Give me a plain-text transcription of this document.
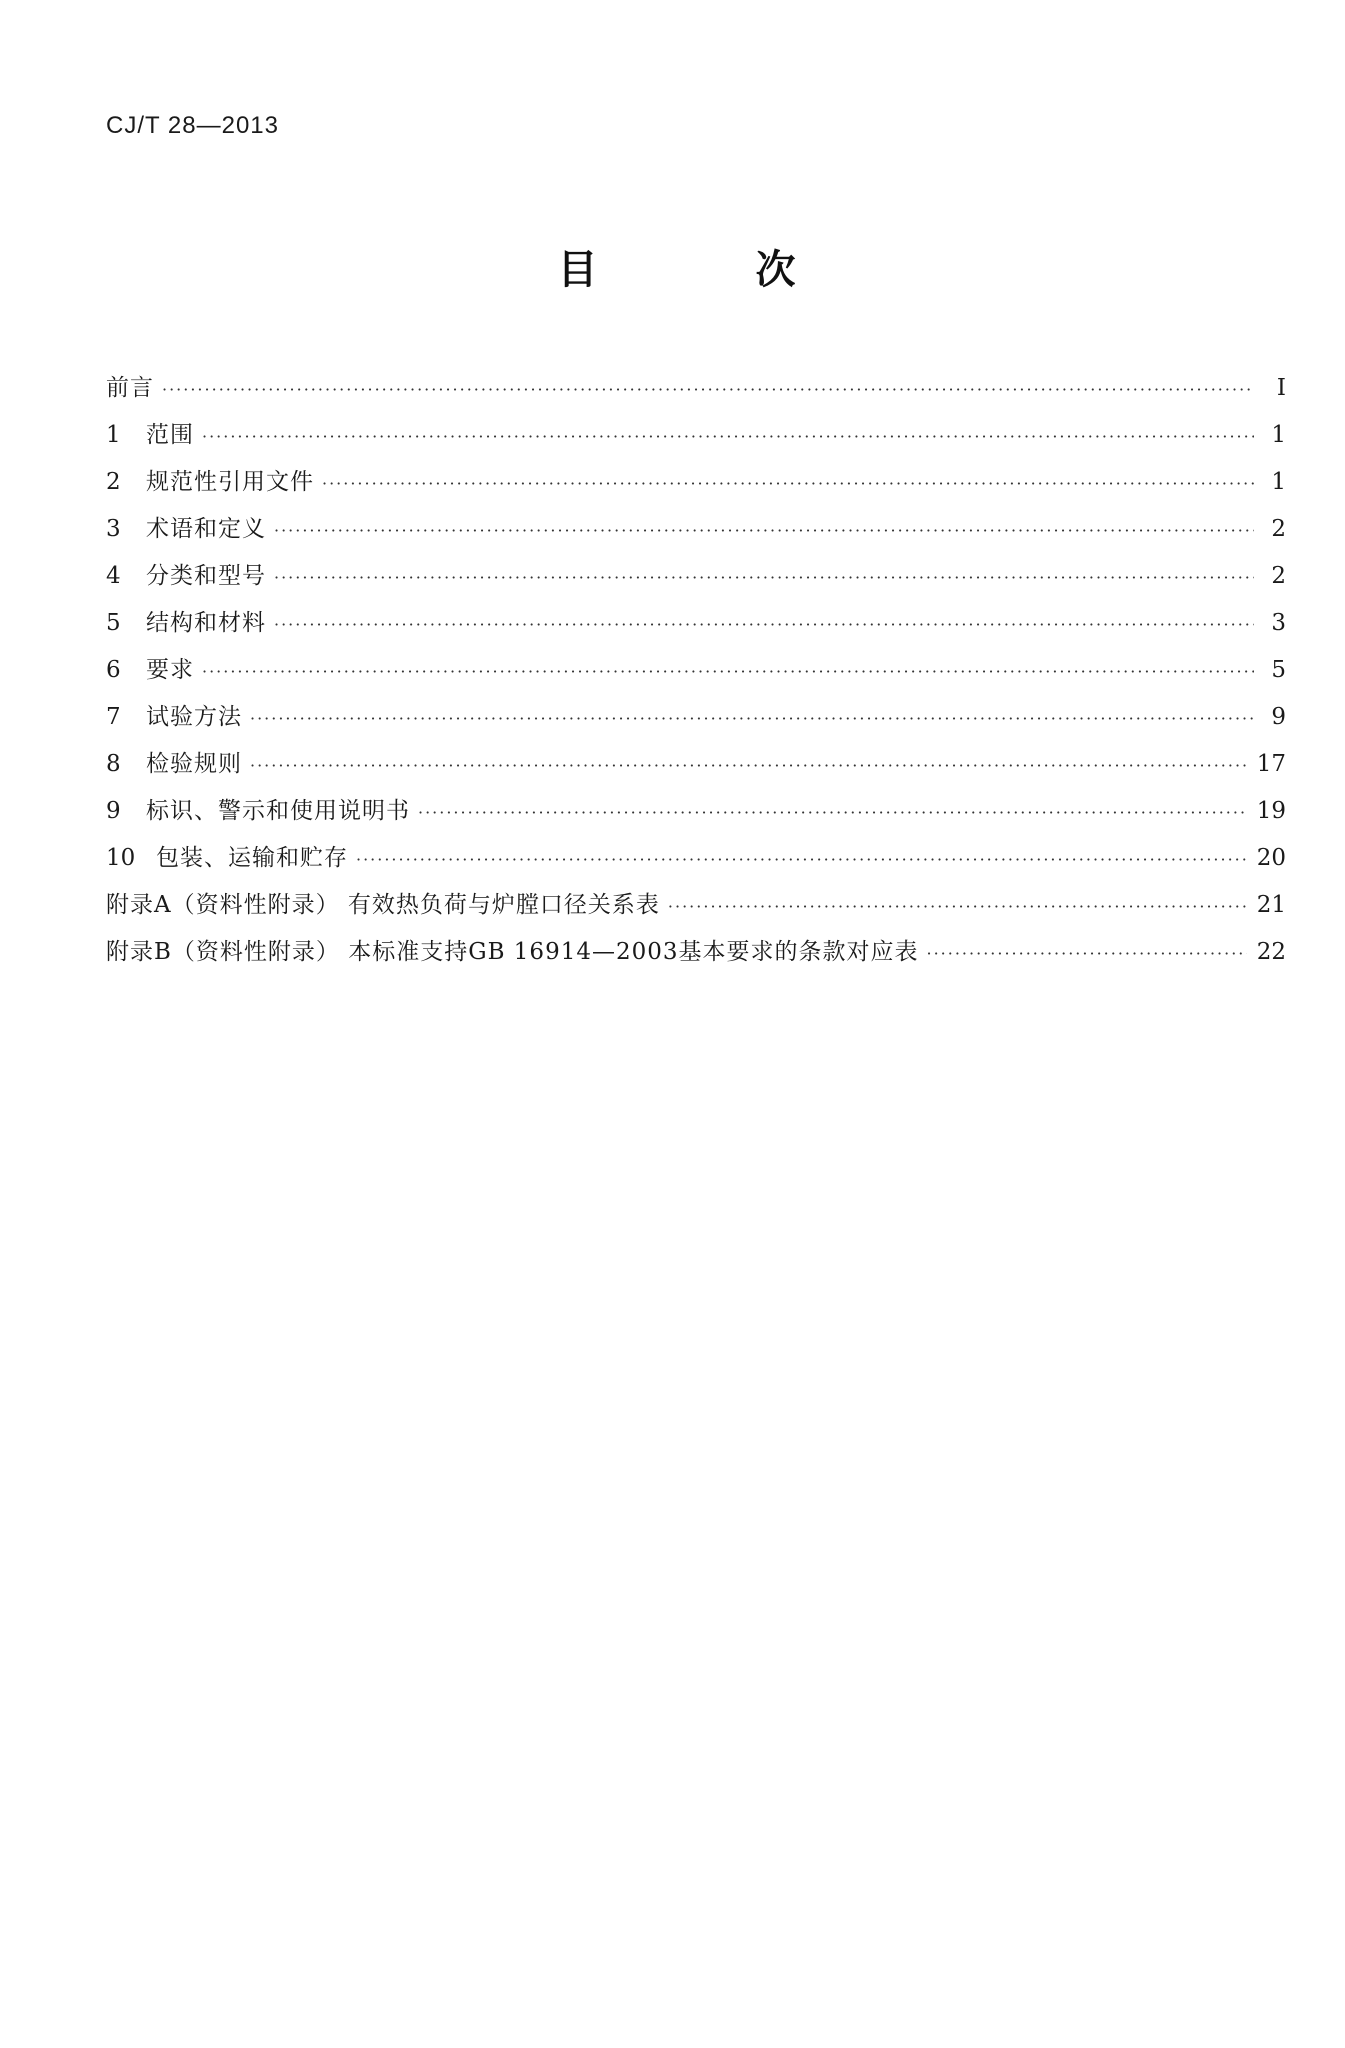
CJ/T 28—2013
目 次
前言 ·····	I
1	范围 ·····	1
2	规范性引用文件 ·····	1
3	术语和定义 ·····	2
4	分类和型号 ·····	2
5	结构和材料 ·····	3
6	要求 ·····	5
7	试验方法 ·····	9
8	检验规则 ·····	17
9	标识、警示和使用说明书 ·····	19
10 包装、运输和贮存 ·····	20
附录A（资料性附录） 有效热负荷与炉膛口径关系表 ·····	21
附录B（资料性附录） 本标准支持GB 16914—2003基本要求的条款对应表 ·····	22
